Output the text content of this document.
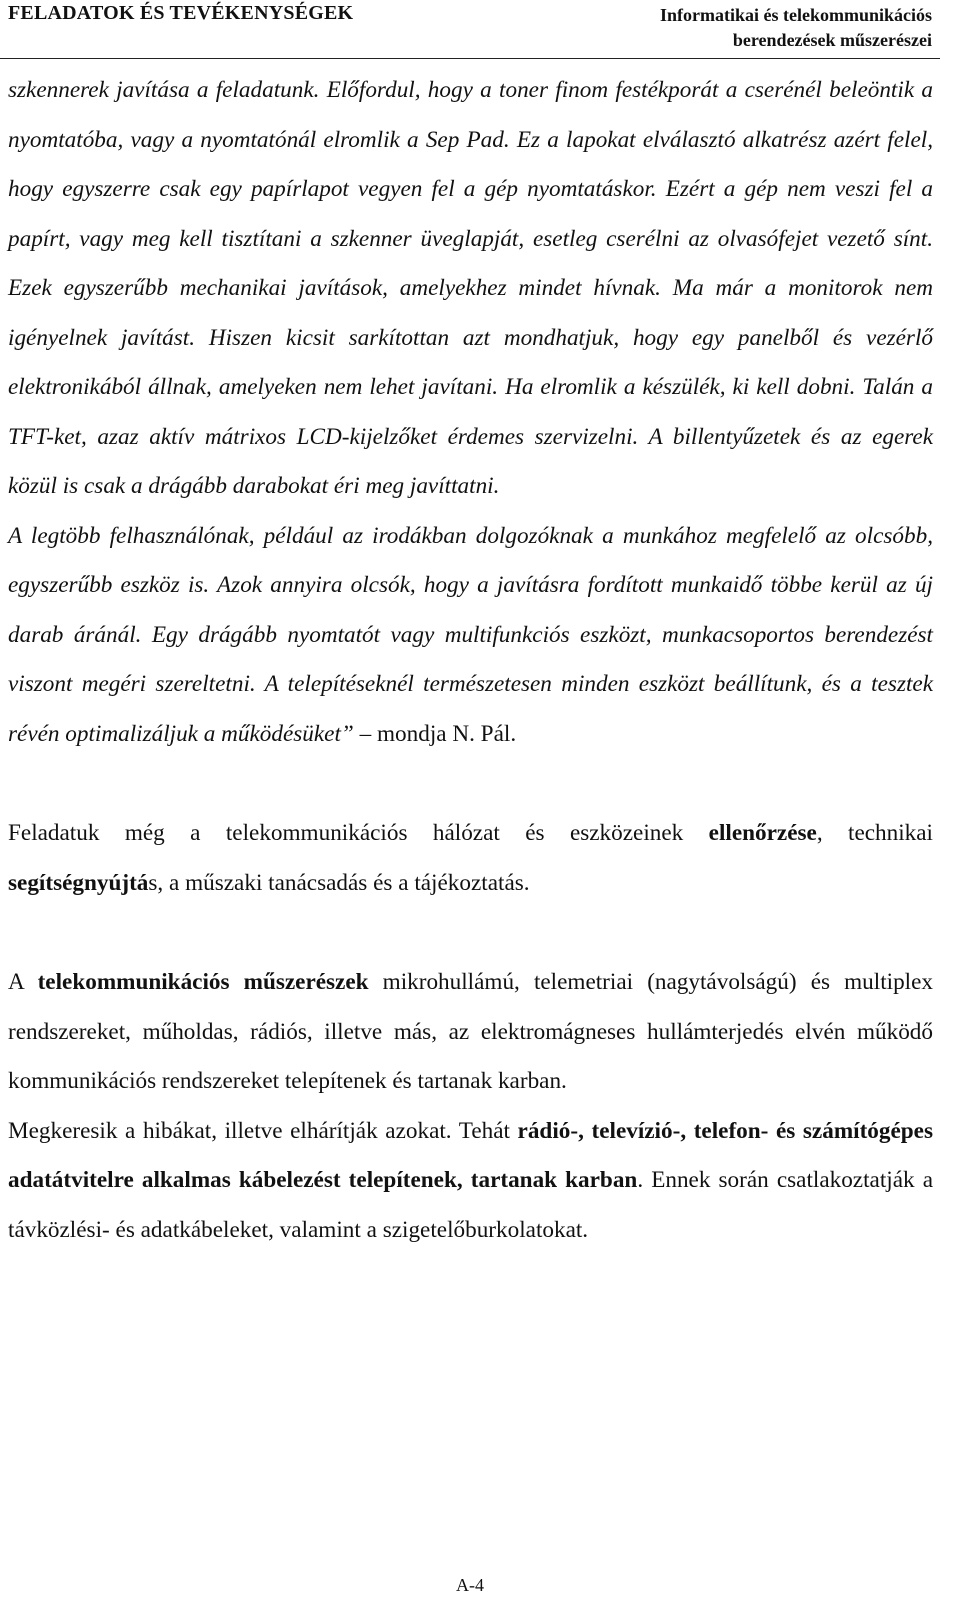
FELADATOK ÉS TEVÉKENYSÉGEK	Informatikai és telekommunikációs
berendezések műszerészei

szkennerek javítása a feladatunk. Előfordul, hogy a toner finom festékporát a cserénél beleöntik a nyomtatóba, vagy a nyomtatónál elromlik a Sep Pad. Ez a lapokat elválasztó alkatrész azért felel, hogy egyszerre csak egy papírlapot vegyen fel a gép nyomtatáskor. Ezért a gép nem veszi fel a papírt, vagy meg kell tisztítani a szkenner üveglapját, esetleg cserélni az olvasófejet vezető sínt. Ezek egyszerűbb mechanikai javítások, amelyekhez mindet hívnak. Ma már a monitorok nem igényelnek javítást. Hiszen kicsit sarkítottan azt mondhatjuk, hogy egy panelből és vezérlő elektronikából állnak, amelyeken nem lehet javítani. Ha elromlik a készülék, ki kell dobni. Talán a TFT-ket, azaz aktív mátrixos LCD-kijelzőket érdemes szervizelni. A billentyűzetek és az egerek közül is csak a drágább darabokat éri meg javíttatni.

A legtöbb felhasználónak, például az irodákban dolgozóknak a munkához megfelelő az olcsóbb, egyszerűbb eszköz is. Azok annyira olcsók, hogy a javításra fordított munkaidő többe kerül az új darab áránál. Egy drágább nyomtatót vagy multifunkciós eszközt, munkacsoportos berendezést viszont megéri szereltetni. A telepítéseknél természetesen minden eszközt beállítunk, és a tesztek révén optimalizáljuk a működésüket” – mondja N. Pál.

Feladatuk még a telekommunikációs hálózat és eszközeinek ellenőrzése, technikai segítségnyújtás, a műszaki tanácsadás és a tájékoztatás.

A telekommunikációs műszerészek mikrohullámú, telemetriai (nagytávolságú) és multiplex rendszereket, műholdas, rádiós, illetve más, az elektromágneses hullámterjedés elvén működő kommunikációs rendszereket telepítenek és tartanak karban.

Megkeresik a hibákat, illetve elhárítják azokat. Tehát rádió-, televízió-, telefon- és számítógépes adatátvitelre alkalmas kábelezést telepítenek, tartanak karban. Ennek során csatlakoztatják a távközlési- és adatkábeleket, valamint a szigetelőburkolatokat.

A-4
